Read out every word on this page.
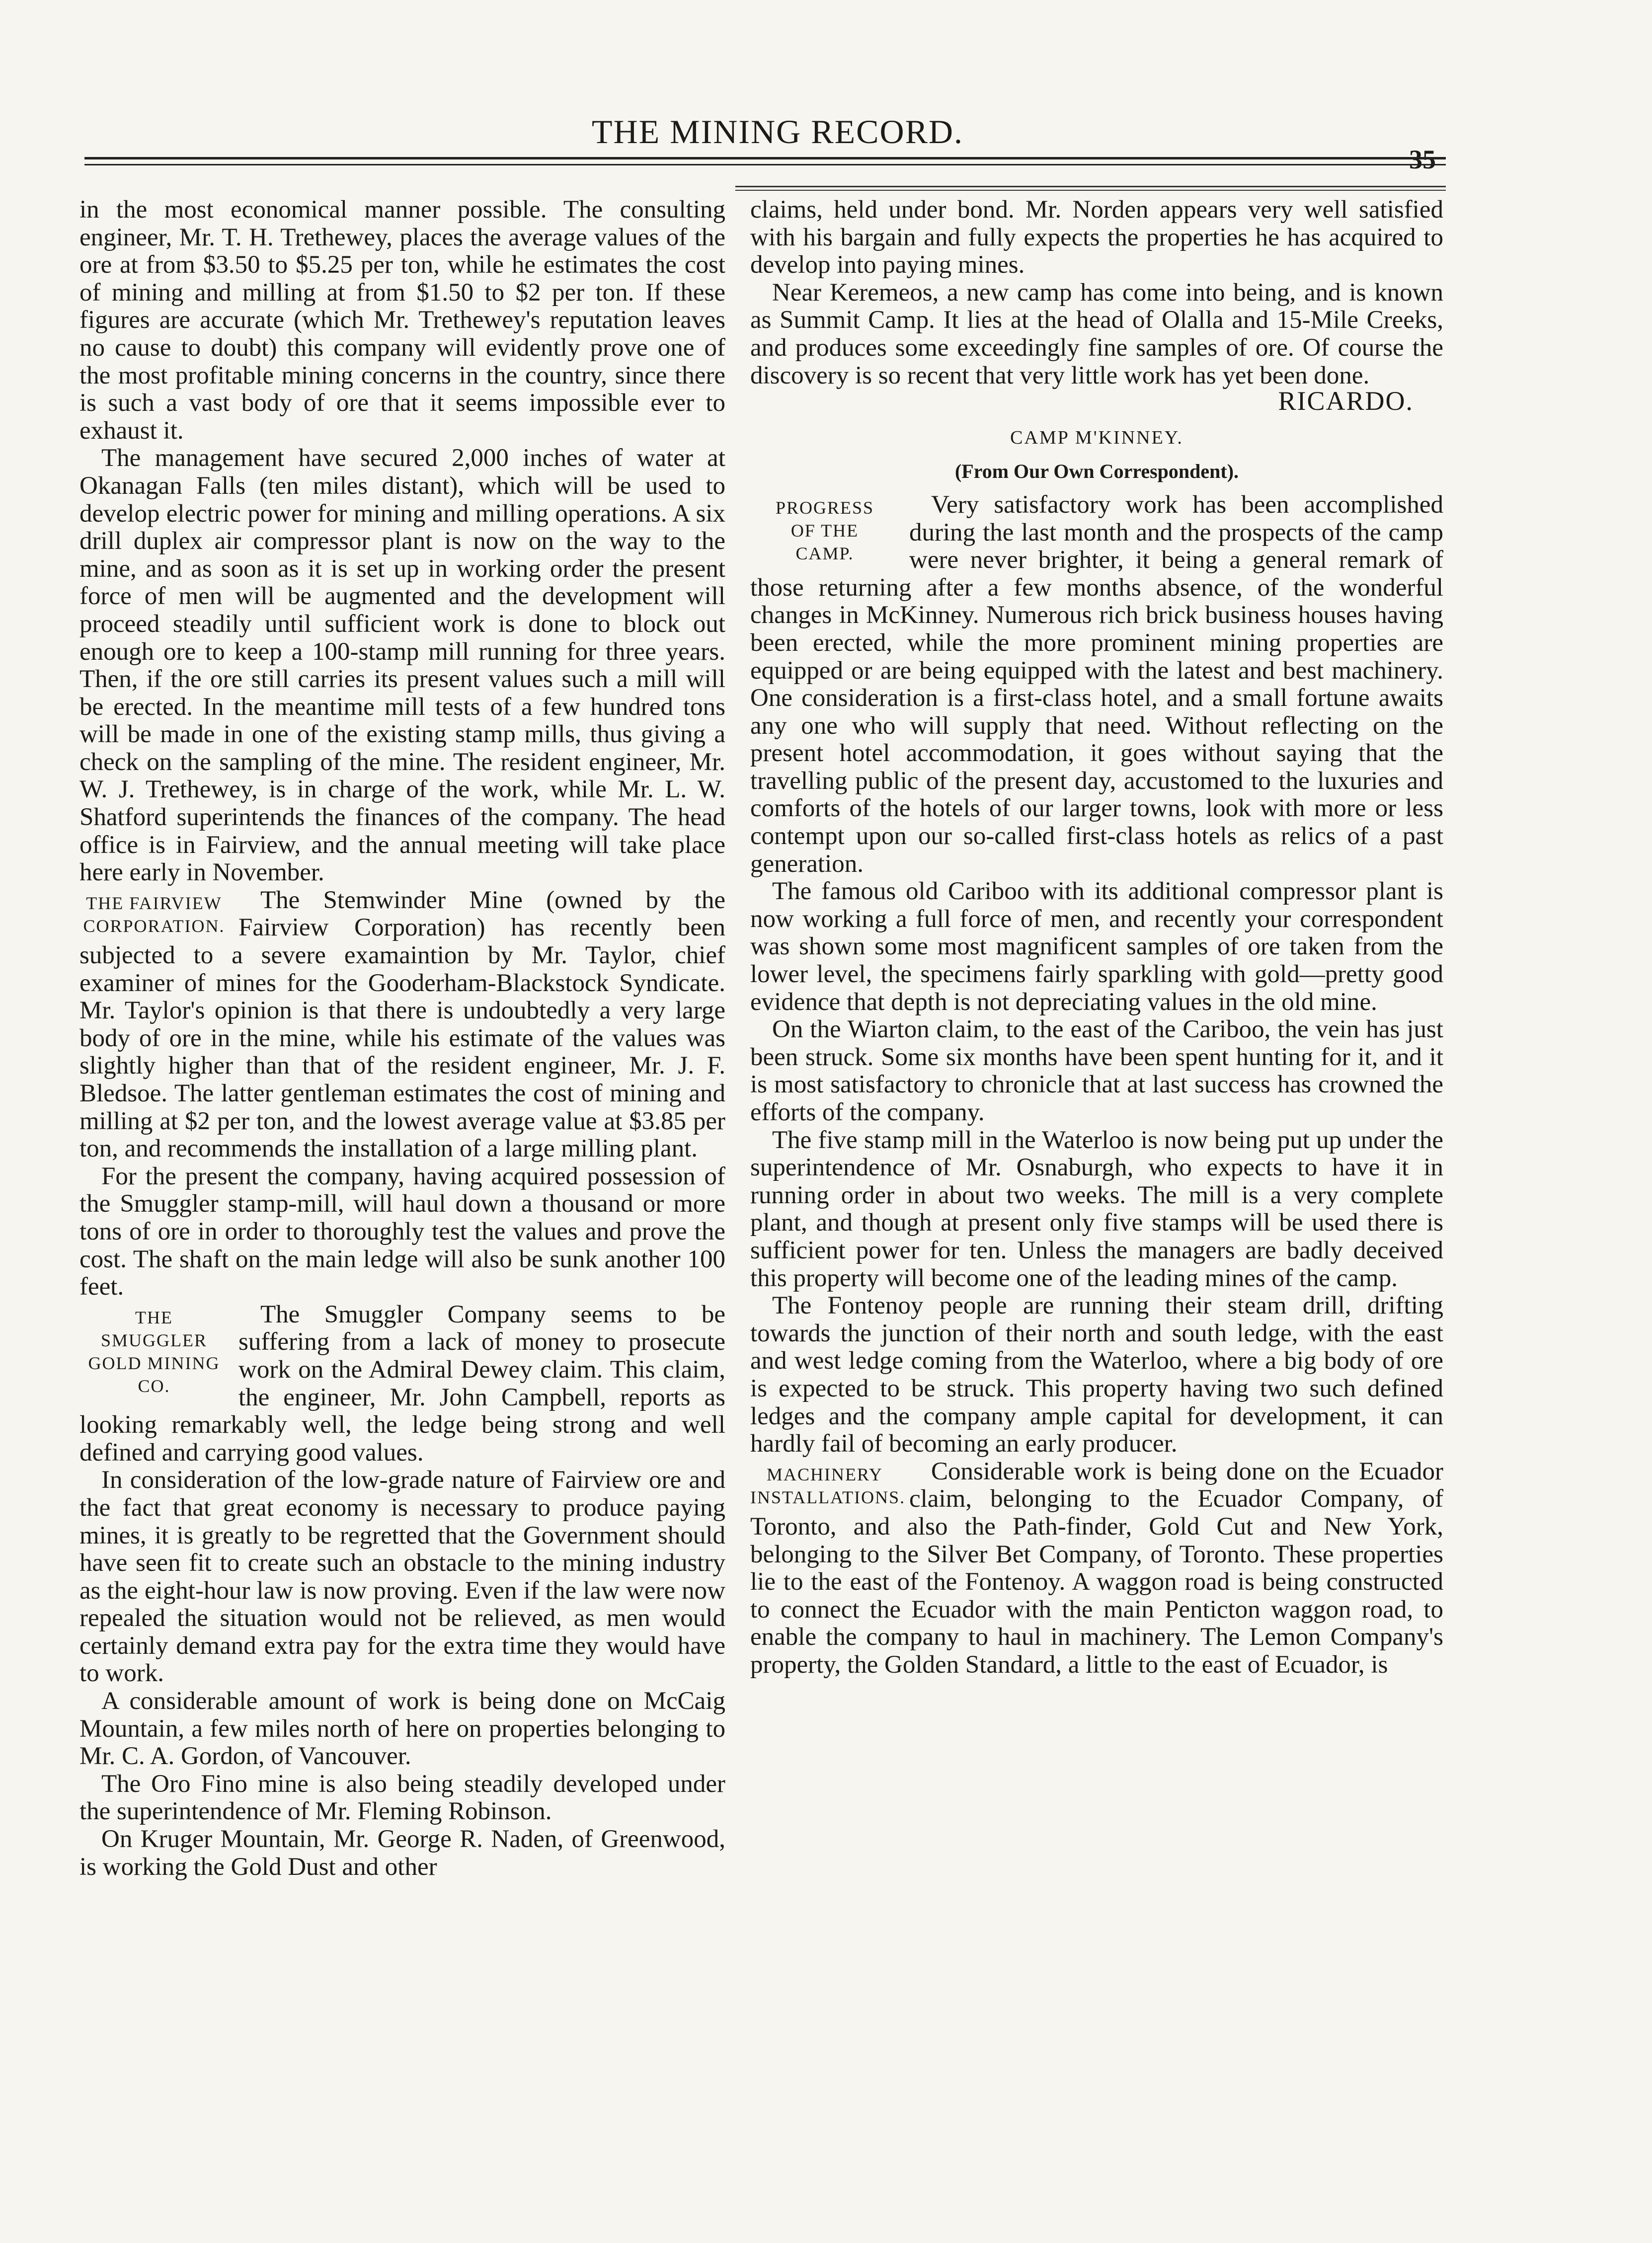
THE MINING RECORD.
35

in the most economical manner possible. The consulting engineer, Mr. T. H. Trethewey, places the average values of the ore at from $3.50 to $5.25 per ton, while he estimates the cost of mining and milling at from $1.50 to $2 per ton. If these figures are accurate (which Mr. Trethewey's reputation leaves no cause to doubt) this company will evidently prove one of the most profitable mining concerns in the country, since there is such a vast body of ore that it seems impossible ever to exhaust it.

The management have secured 2,000 inches of water at Okanagan Falls (ten miles distant), which will be used to develop electric power for mining and milling operations. A six drill duplex air compressor plant is now on the way to the mine, and as soon as it is set up in working order the present force of men will be augmented and the development will proceed steadily until sufficient work is done to block out enough ore to keep a 100-stamp mill running for three years. Then, if the ore still carries its present values such a mill will be erected. In the meantime mill tests of a few hundred tons will be made in one of the existing stamp mills, thus giving a check on the sampling of the mine. The resident engineer, Mr. W. J. Trethewey, is in charge of the work, while Mr. L. W. Shatford superintends the finances of the company. The head office is in Fairview, and the annual meeting will take place here early in November.

THE FAIRVIEW
CORPORATION.

The Stemwinder Mine (owned by the Fairview Corporation) has recently been subjected to a severe examaintion by Mr. Taylor, chief examiner of mines for the Gooderham-Blackstock Syndicate. Mr. Taylor's opinion is that there is undoubtedly a very large body of ore in the mine, while his estimate of the values was slightly higher than that of the resident engineer, Mr. J. F. Bledsoe. The latter gentleman estimates the cost of mining and milling at $2 per ton, and the lowest average value at $3.85 per ton, and recommends the installation of a large milling plant.

For the present the company, having acquired possession of the Smuggler stamp-mill, will haul down a thousand or more tons of ore in order to thoroughly test the values and prove the cost. The shaft on the main ledge will also be sunk another 100 feet.

THE SMUGGLER
GOLD MINING CO.

The Smuggler Company seems to be suffering from a lack of money to prosecute work on the Admiral Dewey claim. This claim, the engineer, Mr. John Campbell, reports as looking remarkably well, the ledge being strong and well defined and carrying good values.

In consideration of the low-grade nature of Fairview ore and the fact that great economy is necessary to produce paying mines, it is greatly to be regretted that the Government should have seen fit to create such an obstacle to the mining industry as the eight-hour law is now proving. Even if the law were now repealed the situation would not be relieved, as men would certainly demand extra pay for the extra time they would have to work.

A considerable amount of work is being done on McCaig Mountain, a few miles north of here on properties belonging to Mr. C. A. Gordon, of Vancouver.

The Oro Fino mine is also being steadily developed under the superintendence of Mr. Fleming Robinson.

On Kruger Mountain, Mr. George R. Naden, of Greenwood, is working the Gold Dust and other

claims, held under bond. Mr. Norden appears very well satisfied with his bargain and fully expects the properties he has acquired to develop into paying mines.

Near Keremeos, a new camp has come into being, and is known as Summit Camp. It lies at the head of Olalla and 15-Mile Creeks, and produces some exceedingly fine samples of ore. Of course the discovery is so recent that very little work has yet been done.

RICARDO.
CAMP M'KINNEY.
(From Our Own Correspondent).
PROGRESS
OF THE
CAMP.

Very satisfactory work has been accomplished during the last month and the prospects of the camp were never brighter, it being a general remark of those returning after a few months absence, of the wonderful changes in McKinney. Numerous rich brick business houses having been erected, while the more prominent mining properties are equipped or are being equipped with the latest and best machinery. One consideration is a first-class hotel, and a small fortune awaits any one who will supply that need. Without reflecting on the present hotel accommodation, it goes without saying that the travelling public of the present day, accustomed to the luxuries and comforts of the hotels of our larger towns, look with more or less contempt upon our so-called first-class hotels as relics of a past generation.

The famous old Cariboo with its additional compressor plant is now working a full force of men, and recently your correspondent was shown some most magnificent samples of ore taken from the lower level, the specimens fairly sparkling with gold—pretty good evidence that depth is not depreciating values in the old mine.

On the Wiarton claim, to the east of the Cariboo, the vein has just been struck. Some six months have been spent hunting for it, and it is most satisfactory to chronicle that at last success has crowned the efforts of the company.

The five stamp mill in the Waterloo is now being put up under the superintendence of Mr. Osnaburgh, who expects to have it in running order in about two weeks. The mill is a very complete plant, and though at present only five stamps will be used there is sufficient power for ten. Unless the managers are badly deceived this property will become one of the leading mines of the camp.

The Fontenoy people are running their steam drill, drifting towards the junction of their north and south ledge, with the east and west ledge coming from the Waterloo, where a big body of ore is expected to be struck. This property having two such defined ledges and the company ample capital for development, it can hardly fail of becoming an early producer.

MACHINERY
INSTALLATIONS.

Considerable work is being done on the Ecuador claim, belonging to the Ecuador Company, of Toronto, and also the Path-finder, Gold Cut and New York, belonging to the Silver Bet Company, of Toronto. These properties lie to the east of the Fontenoy. A waggon road is being constructed to connect the Ecuador with the main Penticton waggon road, to enable the company to haul in machinery. The Lemon Company's property, the Golden Standard, a little to the east of Ecuador, is
